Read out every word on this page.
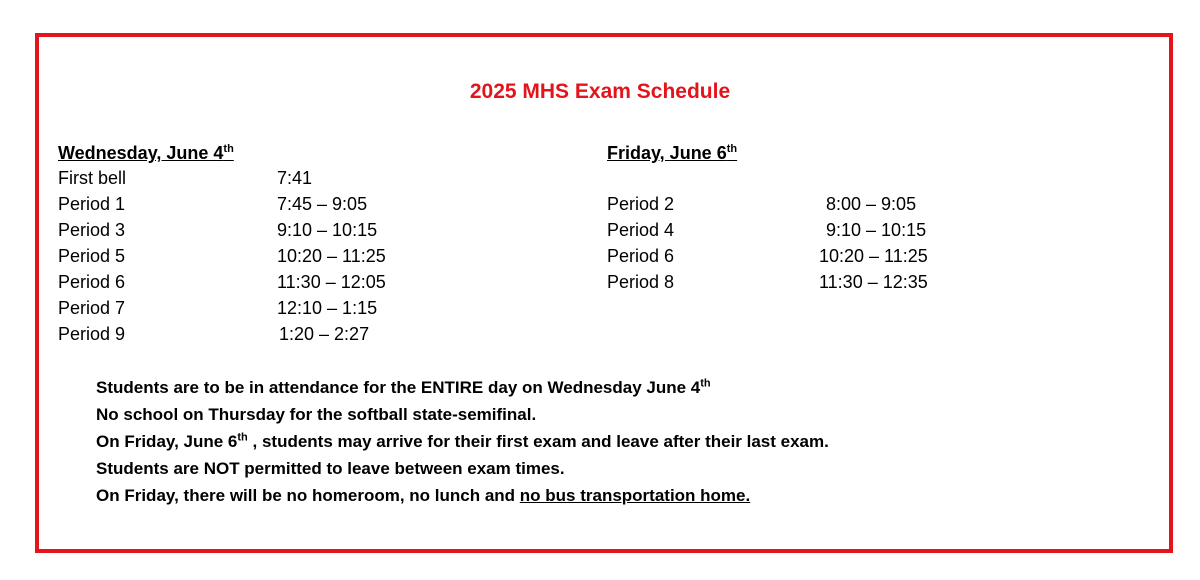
2025 MHS Exam Schedule
Wednesday, June 4th
First bell	7:41
Period 1	7:45 – 9:05
Period 3	9:10 – 10:15
Period 5	10:20 – 11:25
Period 6	11:30 – 12:05
Period 7	12:10 – 1:15
Period 9	1:20 – 2:27
Friday, June 6th
Period 2	8:00 – 9:05
Period 4	9:10 – 10:15
Period 6	10:20 – 11:25
Period 8	11:30 – 12:35
Students are to be in attendance for the ENTIRE day on Wednesday June 4th
No school on Thursday for the softball state-semifinal.
On Friday, June 6th , students may arrive for their first exam and leave after their last exam.
Students are NOT permitted to leave between exam times.
On Friday, there will be no homeroom, no lunch and no bus transportation home.
